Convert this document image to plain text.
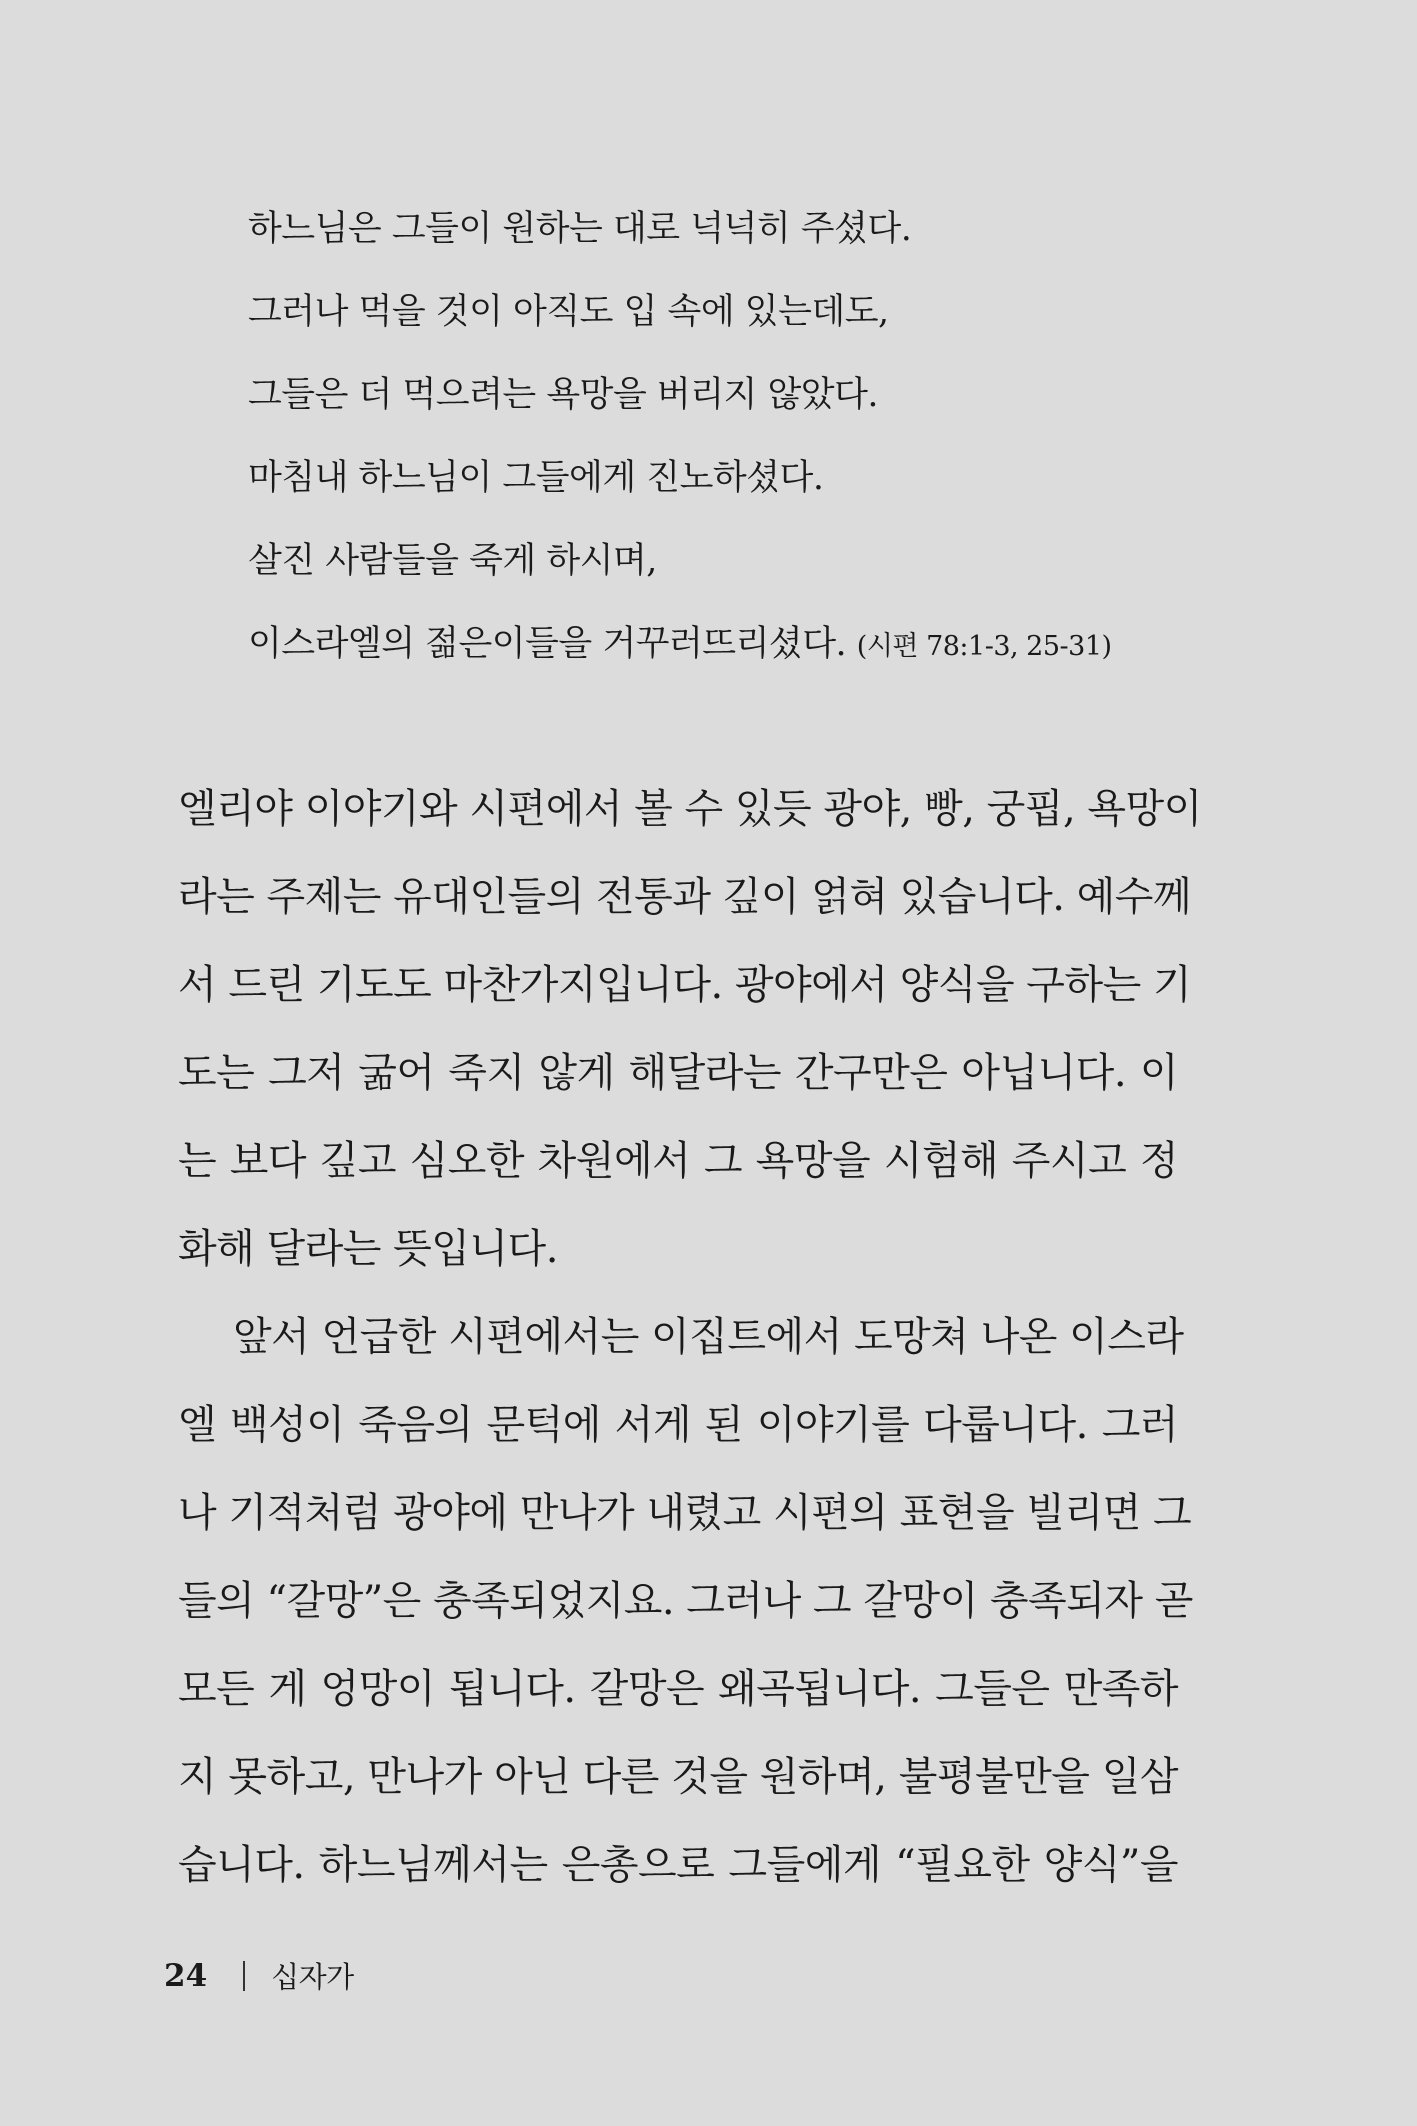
하느님은 그들이 원하는 대로 넉넉히 주셨다.
그러나 먹을 것이 아직도 입 속에 있는데도,
그들은 더 먹으려는 욕망을 버리지 않았다.
마침내 하느님이 그들에게 진노하셨다.
살진 사람들을 죽게 하시며,
이스라엘의 젊은이들을 거꾸러뜨리셨다. (시편 78:1-3, 25-31)
엘리야 이야기와 시편에서 볼 수 있듯 광야, 빵, 궁핍, 욕망이
라는 주제는 유대인들의 전통과 깊이 얽혀 있습니다. 예수께
서 드린 기도도 마찬가지입니다. 광야에서 양식을 구하는 기
도는 그저 굶어 죽지 않게 해달라는 간구만은 아닙니다. 이
는 보다 깊고 심오한 차원에서 그 욕망을 시험해 주시고 정
화해 달라는 뜻입니다.
앞서 언급한 시편에서는 이집트에서 도망쳐 나온 이스라
엘 백성이 죽음의 문턱에 서게 된 이야기를 다룹니다. 그러
나 기적처럼 광야에 만나가 내렸고 시편의 표현을 빌리면 그
들의 “갈망”은 충족되었지요. 그러나 그 갈망이 충족되자 곧
모든 게 엉망이 됩니다. 갈망은 왜곡됩니다. 그들은 만족하
지 못하고, 만나가 아닌 다른 것을 원하며, 불평불만을 일삼
습니다. 하느님께서는 은총으로 그들에게 “필요한 양식”을
24 십자가
